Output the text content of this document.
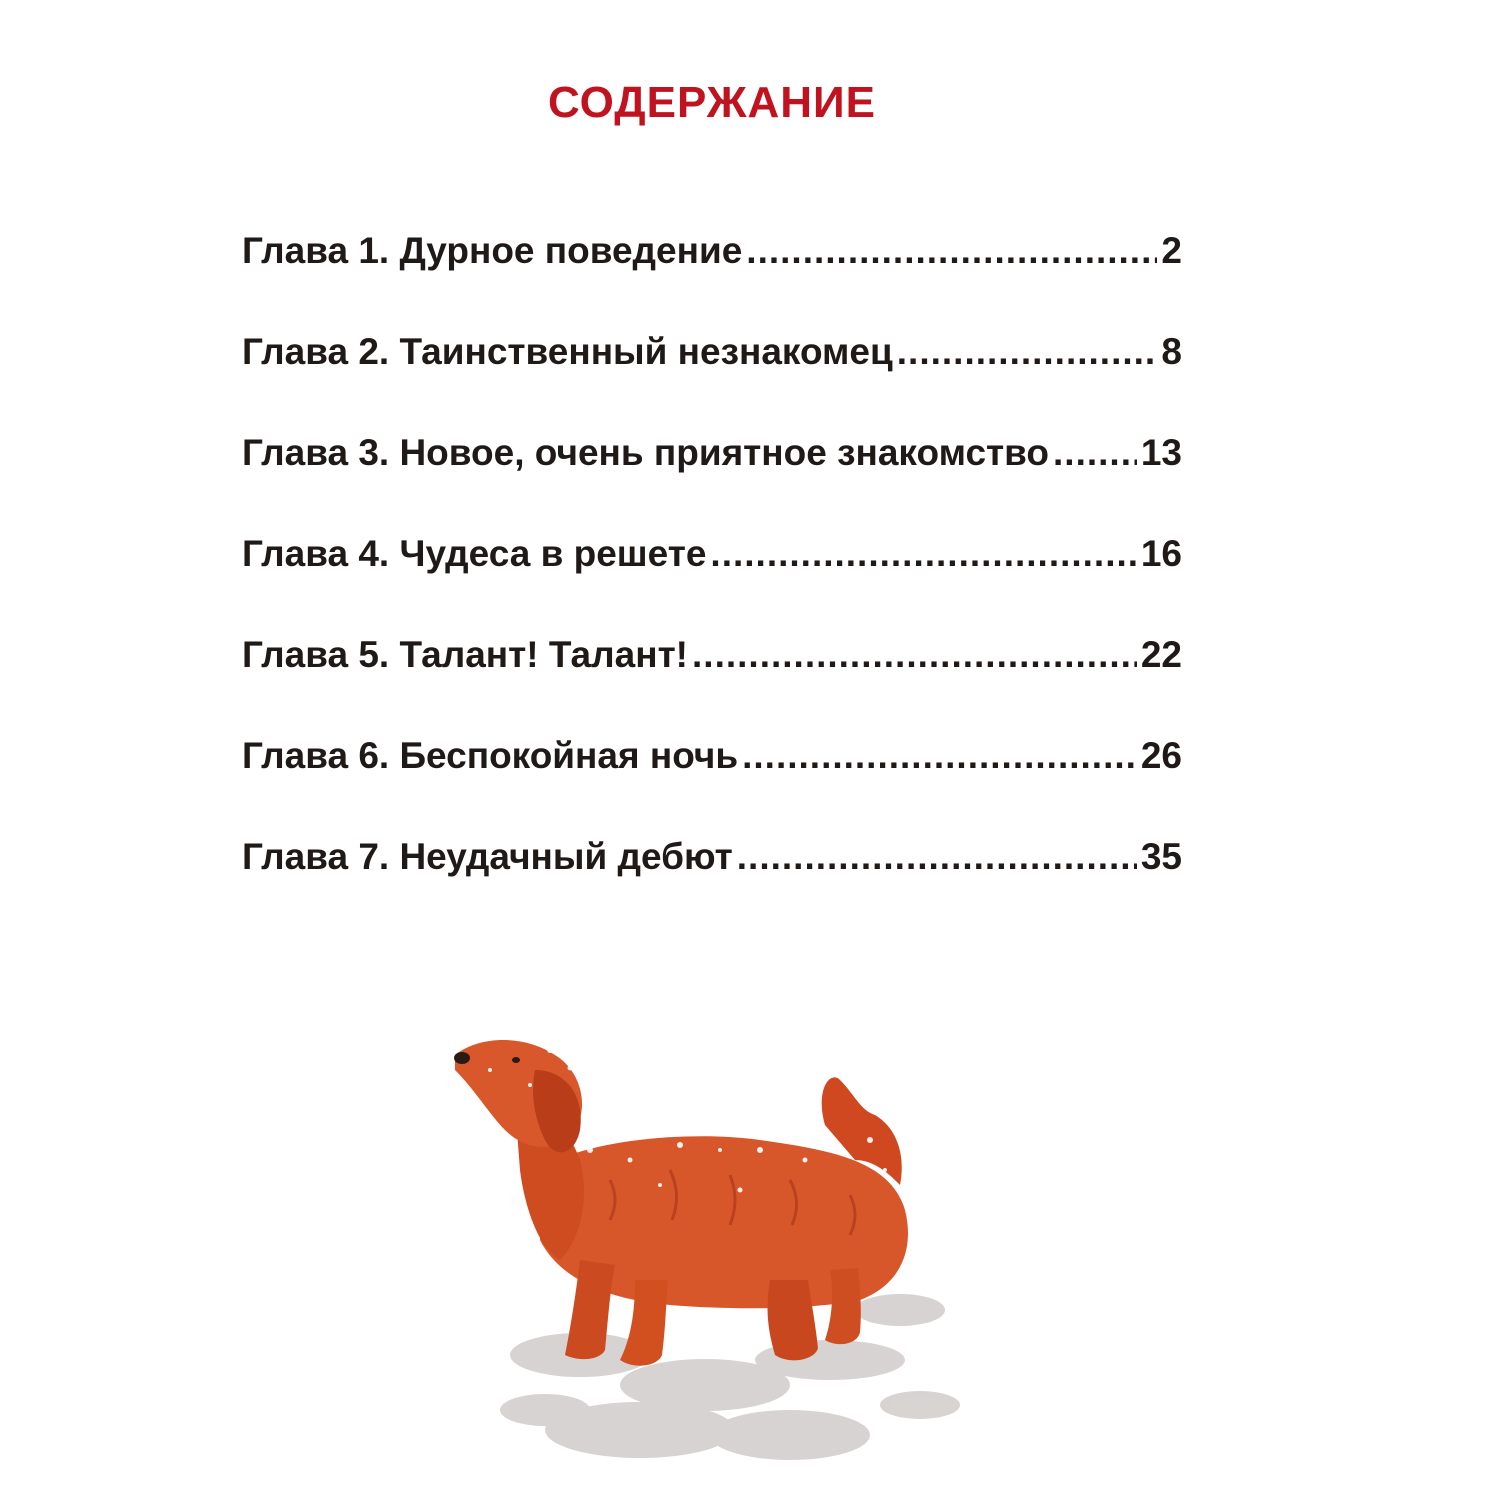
СОДЕРЖАНИЕ
Глава 1. Дурное поведение .....	2
Глава 2. Таинственный незнакомец .....	8
Глава 3. Новое, очень приятное знакомство ..... 13
Глава 4. Чудеса в решете .....	16
Глава 5. Талант! Талант! .....	22
Глава 6. Беспокойная ночь .....	26
Глава 7. Неудачный дебют .....	35
